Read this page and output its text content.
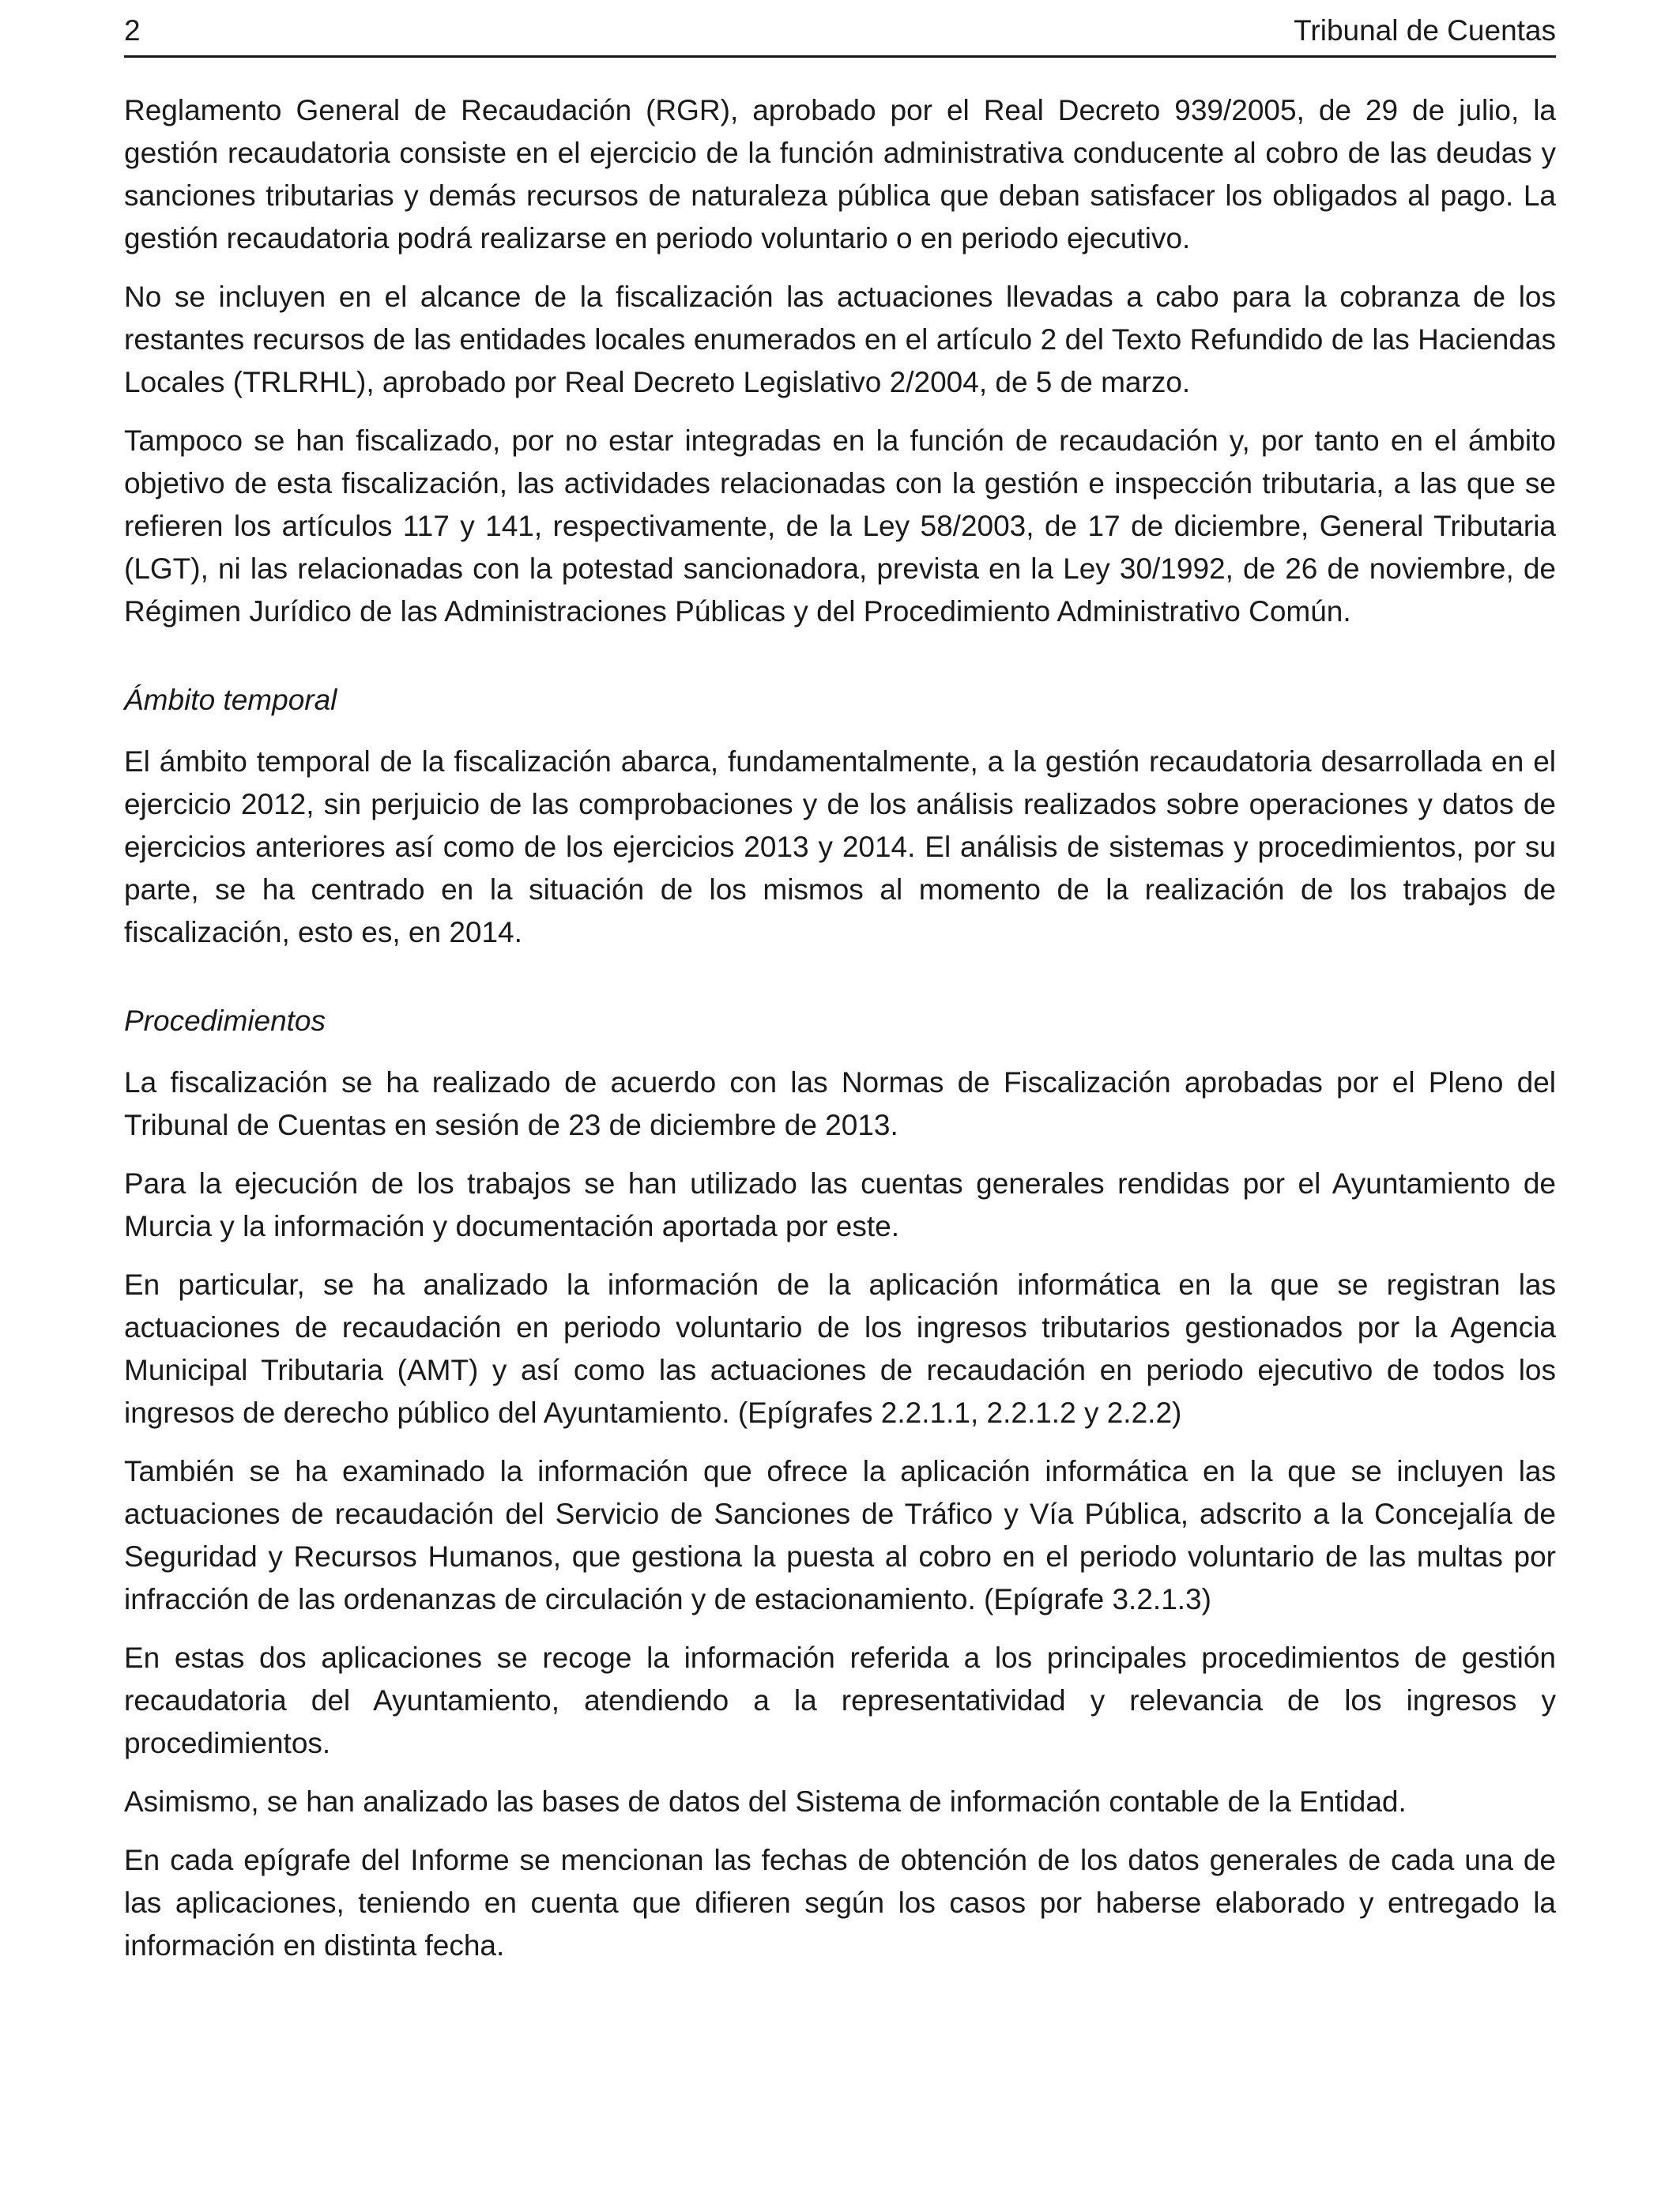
2	Tribunal de Cuentas

Reglamento General de Recaudación (RGR), aprobado por el Real Decreto 939/2005, de 29 de julio, la gestión recaudatoria consiste en el ejercicio de la función administrativa conducente al cobro de las deudas y sanciones tributarias y demás recursos de naturaleza pública que deban satisfacer los obligados al pago. La gestión recaudatoria podrá realizarse en periodo voluntario o en periodo ejecutivo.

No se incluyen en el alcance de la fiscalización las actuaciones llevadas a cabo para la cobranza de los restantes recursos de las entidades locales enumerados en el artículo 2 del Texto Refundido de las Haciendas Locales (TRLRHL), aprobado por Real Decreto Legislativo 2/2004, de 5 de marzo.

Tampoco se han fiscalizado, por no estar integradas en la función de recaudación y, por tanto en el ámbito objetivo de esta fiscalización, las actividades relacionadas con la gestión e inspección tributaria, a las que se refieren los artículos 117 y 141, respectivamente, de la Ley 58/2003, de 17 de diciembre, General Tributaria (LGT), ni las relacionadas con la potestad sancionadora, prevista en la Ley 30/1992, de 26 de noviembre, de Régimen Jurídico de las Administraciones Públicas y del Procedimiento Administrativo Común.

Ámbito temporal

El ámbito temporal de la fiscalización abarca, fundamentalmente, a la gestión recaudatoria desarrollada en el ejercicio 2012, sin perjuicio de las comprobaciones y de los análisis realizados sobre operaciones y datos de ejercicios anteriores así como de los ejercicios 2013 y 2014. El análisis de sistemas y procedimientos, por su parte, se ha centrado en la situación de los mismos al momento de la realización de los trabajos de fiscalización, esto es, en 2014.

Procedimientos

La fiscalización se ha realizado de acuerdo con las Normas de Fiscalización aprobadas por el Pleno del Tribunal de Cuentas en sesión de 23 de diciembre de 2013.

Para la ejecución de los trabajos se han utilizado las cuentas generales rendidas por el Ayuntamiento de Murcia y la información y documentación aportada por este.

En particular, se ha analizado la información de la aplicación informática en la que se registran las actuaciones de recaudación en periodo voluntario de los ingresos tributarios gestionados por la Agencia Municipal Tributaria (AMT) y así como las actuaciones de recaudación en periodo ejecutivo de todos los ingresos de derecho público del Ayuntamiento. (Epígrafes 2.2.1.1, 2.2.1.2 y 2.2.2)

También se ha examinado la información que ofrece la aplicación informática en la que se incluyen las actuaciones de recaudación del Servicio de Sanciones de Tráfico y Vía Pública, adscrito a la Concejalía de Seguridad y Recursos Humanos, que gestiona la puesta al cobro en el periodo voluntario de las multas por infracción de las ordenanzas de circulación y de estacionamiento. (Epígrafe 3.2.1.3)

En estas dos aplicaciones se recoge la información referida a los principales procedimientos de gestión recaudatoria del Ayuntamiento, atendiendo a la representatividad y relevancia de los ingresos y procedimientos.

Asimismo, se han analizado las bases de datos del Sistema de información contable de la Entidad.

En cada epígrafe del Informe se mencionan las fechas de obtención de los datos generales de cada una de las aplicaciones, teniendo en cuenta que difieren según los casos por haberse elaborado y entregado la información en distinta fecha.
